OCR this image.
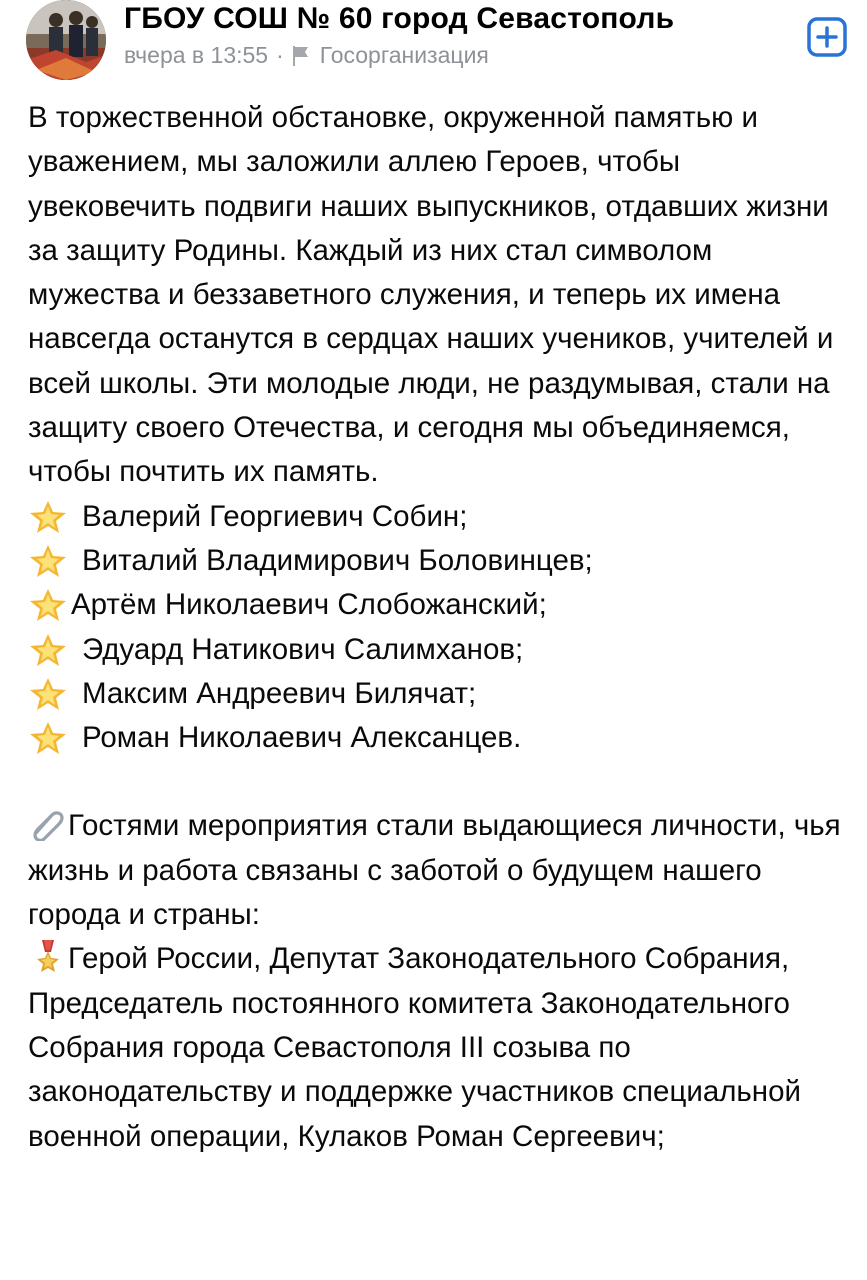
ГБОУ СОШ № 60 город Севастополь
вчера в 13:55 · Госорганизация

В торжественной обстановке, окруженной памятью и уважением, мы заложили аллею Героев, чтобы увековечить подвиги наших выпускников, отдавших жизни за защиту Родины. Каждый из них стал символом мужества и беззаветного служения, и теперь их имена навсегда останутся в сердцах наших учеников, учителей и всей школы. Эти молодые люди, не раздумывая, стали на защиту своего Отечества, и сегодня мы объединяемся, чтобы почтить их память.

Валерий Георгиевич Собин;
Виталий Владимирович Боловинцев;
Артём Николаевич Слобожанский;
Эдуард Натикович Салимханов;
Максим Андреевич Билячат;
Роман Николаевич Алексанцев.

Гостями мероприятия стали выдающиеся личности, чья жизнь и работа связаны с заботой о будущем нашего города и страны:

Герой России, Депутат Законодательного Собрания, Председатель постоянного комитета Законодательного Собрания города Севастополя III созыва по законодательству и поддержке участников специальной военной операции, Кулаков Роман Сергеевич;
